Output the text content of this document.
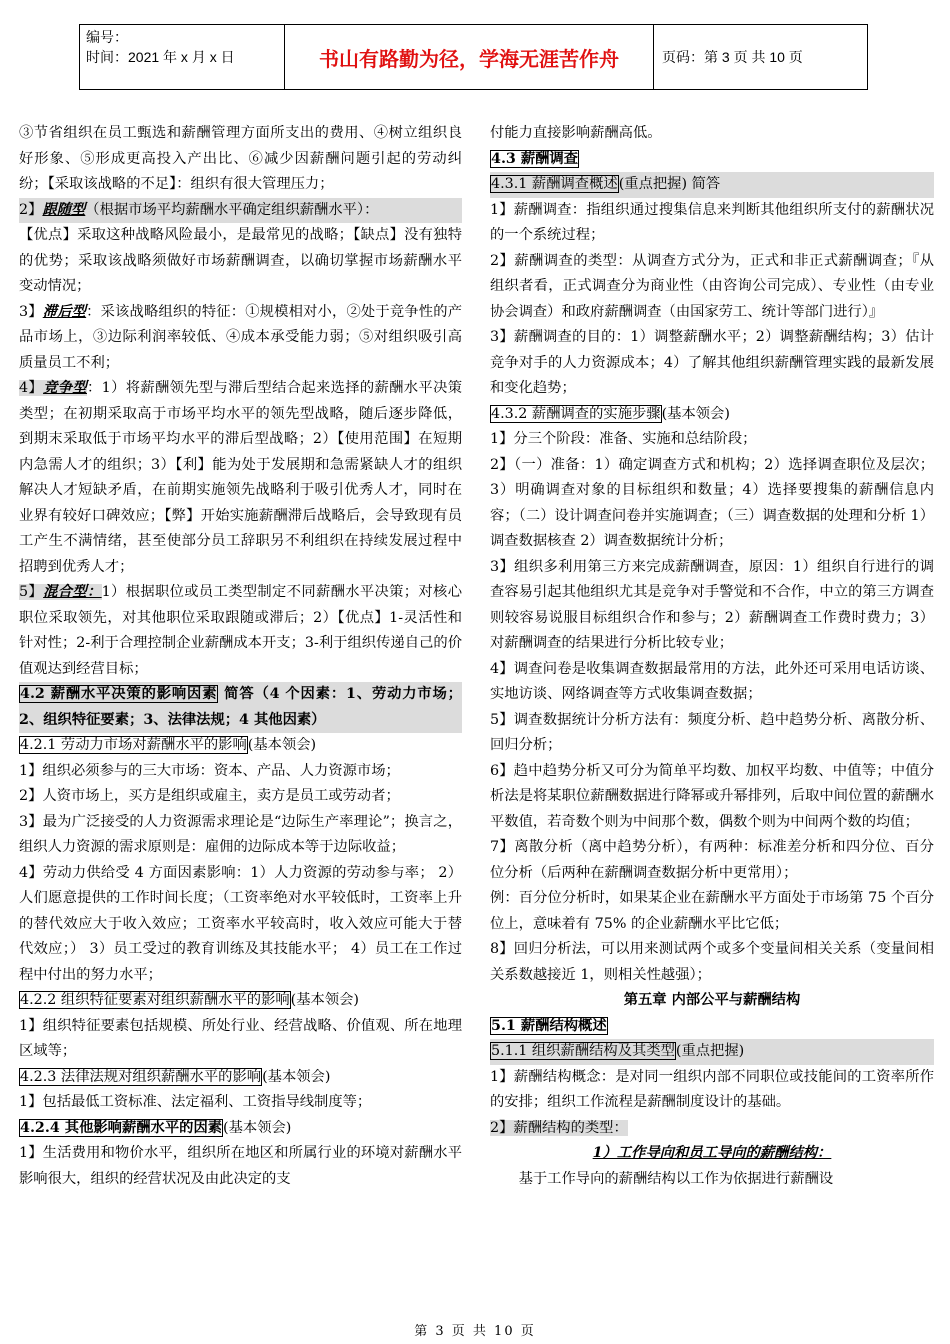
编号：
时间：2021 年 x 月 x 日	书山有路勤为径，学海无涯苦作舟	页码：第 3 页 共 10 页

③节省组织在员工甄选和薪酬管理方面所支出的费用、④树立组织良好形象、⑤形成更高投入产出比、⑥减少因薪酬问题引起的劳动纠纷；【采取该战略的不足】：组织有很大管理压力；

2】跟随型（根据市场平均薪酬水平确定组织薪酬水平）：

【优点】采取这种战略风险最小，是最常见的战略；【缺点】没有独特的优势；采取该战略须做好市场薪酬调查，以确切掌握市场薪酬水平变动情况；

3】滞后型：采该战略组织的特征：①规模相对小，②处于竞争性的产品市场上，③边际利润率较低、④成本承受能力弱；⑤对组织吸引高质量员工不利；

4】竞争型：1）将薪酬领先型与滞后型结合起来选择的薪酬水平决策类型；在初期采取高于市场平均水平的领先型战略，随后逐步降低，到期末采取低于市场平均水平的滞后型战略；2）【使用范围】在短期内急需人才的组织；3）【利】能为处于发展期和急需紧缺人才的组织解决人才短缺矛盾，在前期实施领先战略利于吸引优秀人才，同时在业界有较好口碑效应；【弊】开始实施薪酬滞后战略后，会导致现有员工产生不满情绪，甚至使部分员工辞职另不利组织在持续发展过程中招聘到优秀人才；

5】混合型：1）根据职位或员工类型制定不同薪酬水平决策；对核心职位采取领先，对其他职位采取跟随或滞后；2）【优点】1-灵活性和针对性；2-利于合理控制企业薪酬成本开支；3-利于组织传递自己的价值观达到经营目标；

4.2 薪酬水平决策的影响因素 简答（4 个因素：1、劳动力市场；2、组织特征要素；3、法律法规；4 其他因素）

4.2.1 劳动力市场对薪酬水平的影响(基本领会)

1】组织必须参与的三大市场：资本、产品、人力资源市场；

2】人资市场上，买方是组织或雇主，卖方是员工或劳动者；

3】最为广泛接受的人力资源需求理论是“边际生产率理论”；换言之，组织人力资源的需求原则是：雇佣的边际成本等于边际收益；

4】劳动力供给受 4 方面因素影响：1）人力资源的劳动参与率； 2）人们愿意提供的工作时间长度；（工资率绝对水平较低时，工资率上升的替代效应大于收入效应；工资率水平较高时，收入效应可能大于替代效应；） 3）员工受过的教育训练及其技能水平； 4）员工在工作过程中付出的努力水平；

4.2.2 组织特征要素对组织薪酬水平的影响(基本领会)

1】组织特征要素包括规模、所处行业、经营战略、价值观、所在地理区域等；

4.2.3 法律法规对组织薪酬水平的影响(基本领会)

1】包括最低工资标准、法定福利、工资指导线制度等；

4.2.4 其他影响薪酬水平的因素(基本领会)

1】生活费用和物价水平，组织所在地区和所属行业的环境对薪酬水平影响很大，组织的经营状况及由此决定的支

付能力直接影响薪酬高低。

4.3 薪酬调查

4.3.1 薪酬调查概述(重点把握) 简答

1】薪酬调查：指组织通过搜集信息来判断其他组织所支付的薪酬状况的一个系统过程；

2】薪酬调查的类型：从调查方式分为，正式和非正式薪酬调查；『从组织者看，正式调查分为商业性（由咨询公司完成）、专业性（由专业协会调查）和政府薪酬调查（由国家劳工、统计等部门进行）』

3】薪酬调查的目的：1）调整薪酬水平；2）调整薪酬结构；3）估计竞争对手的人力资源成本；4）了解其他组织薪酬管理实践的最新发展和变化趋势；

4.3.2 薪酬调查的实施步骤(基本领会)

1】分三个阶段：准备、实施和总结阶段；

2】（一）准备：1）确定调查方式和机构；2）选择调查职位及层次；3）明确调查对象的目标组织和数量；4）选择要搜集的薪酬信息内容；（二）设计调查问卷并实施调查；（三）调查数据的处理和分析 1）调查数据核查 2）调查数据统计分析；

3】组织多利用第三方来完成薪酬调查，原因：1）组织自行进行的调查容易引起其他组织尤其是竞争对手警觉和不合作，中立的第三方调查则较容易说服目标组织合作和参与；2）薪酬调查工作费时费力；3）对薪酬调查的结果进行分析比较专业；

4】调查问卷是收集调查数据最常用的方法，此外还可采用电话访谈、实地访谈、网络调查等方式收集调查数据；

5】调查数据统计分析方法有：频度分析、趋中趋势分析、离散分析、回归分析；

6】趋中趋势分析又可分为简单平均数、加权平均数、中值等；中值分析法是将某职位薪酬数据进行降幂或升幂排列，后取中间位置的薪酬水平数值，若奇数个则为中间那个数，偶数个则为中间两个数的均值；

7】离散分析（离中趋势分析），有两种：标准差分析和四分位、百分位分析（后两种在薪酬调查数据分析中更常用）；

例：百分位分析时，如果某企业在薪酬水平方面处于市场第 75 个百分位上，意味着有 75% 的企业薪酬水平比它低；

8】回归分析法，可以用来测试两个或多个变量间相关关系（变量间相关系数越接近 1，则相关性越强）；

第五章 内部公平与薪酬结构

5.1 薪酬结构概述

5.1.1 组织薪酬结构及其类型(重点把握)

1】薪酬结构概念：是对同一组织内部不同职位或技能间的工资率所作的安排；组织工作流程是薪酬制度设计的基础。

2】薪酬结构的类型：

1）工作导向和员工导向的薪酬结构：

基于工作导向的薪酬结构以工作为依据进行薪酬设

第 3 页 共 10 页
